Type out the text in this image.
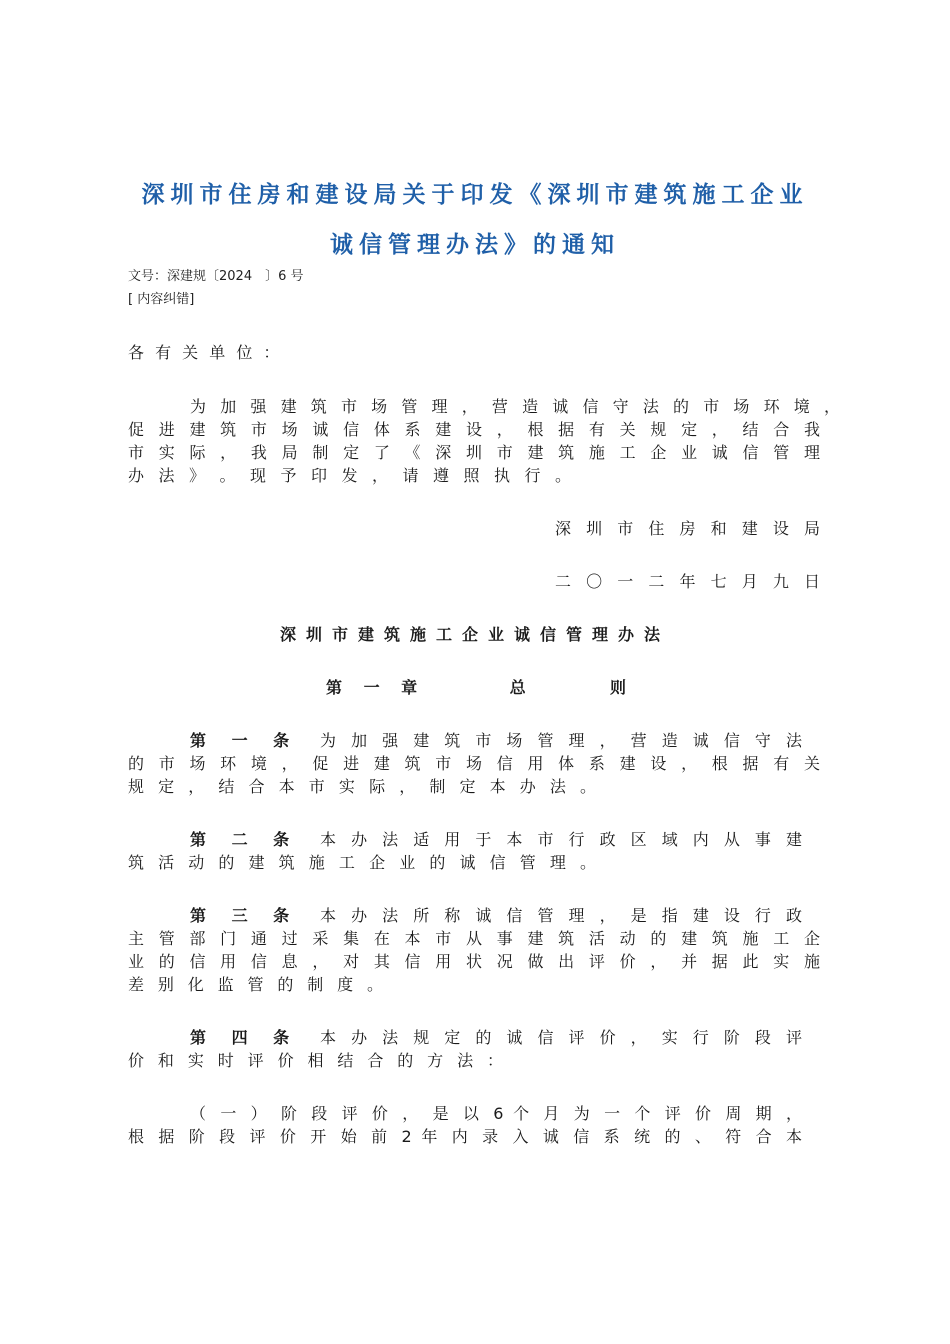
深圳市住房和建设局关于印发《深圳市建筑施工企业
诚信管理办法》的通知
文号：深建规〔2024　〕6 号
[ 内容纠错]
各 有 关 单 位 ：
为 加 强 建 筑 市 场 管 理 ， 营 造 诚 信 守 法 的 市 场 环 境 ，
促 进 建 筑 市 场 诚 信 体 系 建 设 ， 根 据 有 关 规 定 ， 结 合 我
市 实 际 ， 我 局 制 定 了 《 深 圳 市 建 筑 施 工 企 业 诚 信 管 理
办 法 》 。 现 予 印 发 ， 请 遵 照 执 行 。
深 圳 市 住 房 和 建 设 局
二 〇 一 二 年 七 月 九 日
深圳市建筑施工企业诚信管理办法
第 一 章	总	则
第 一 条	为 加 强 建 筑 市 场 管 理 ， 营 造 诚 信 守 法
的 市 场 环 境 ， 促 进 建 筑 市 场 信 用 体 系 建 设 ， 根 据 有 关
规 定 ， 结 合 本 市 实 际 ， 制 定 本 办 法 。
第 二 条	本 办 法 适 用 于 本 市 行 政 区 域 内 从 事 建
筑 活 动 的 建 筑 施 工 企 业 的 诚 信 管 理 。
第 三 条	本 办 法 所 称 诚 信 管 理 ， 是 指 建 设 行 政
主 管 部 门 通 过 采 集 在 本 市 从 事 建 筑 活 动 的 建 筑 施 工 企
业 的 信 用 信 息 ， 对 其 信 用 状 况 做 出 评 价 ， 并 据 此 实 施
差 别 化 监 管 的 制 度 。
第 四 条	本 办 法 规 定 的 诚 信 评 价 ， 实 行 阶 段 评
价 和 实 时 评 价 相 结 合 的 方 法 ：
（ 一 ） 阶 段 评 价 ， 是 以 6 个 月 为 一 个 评 价 周 期 ，
根 据 阶 段 评 价 开 始 前 2 年 内 录 入 诚 信 系 统 的 、 符 合 本
